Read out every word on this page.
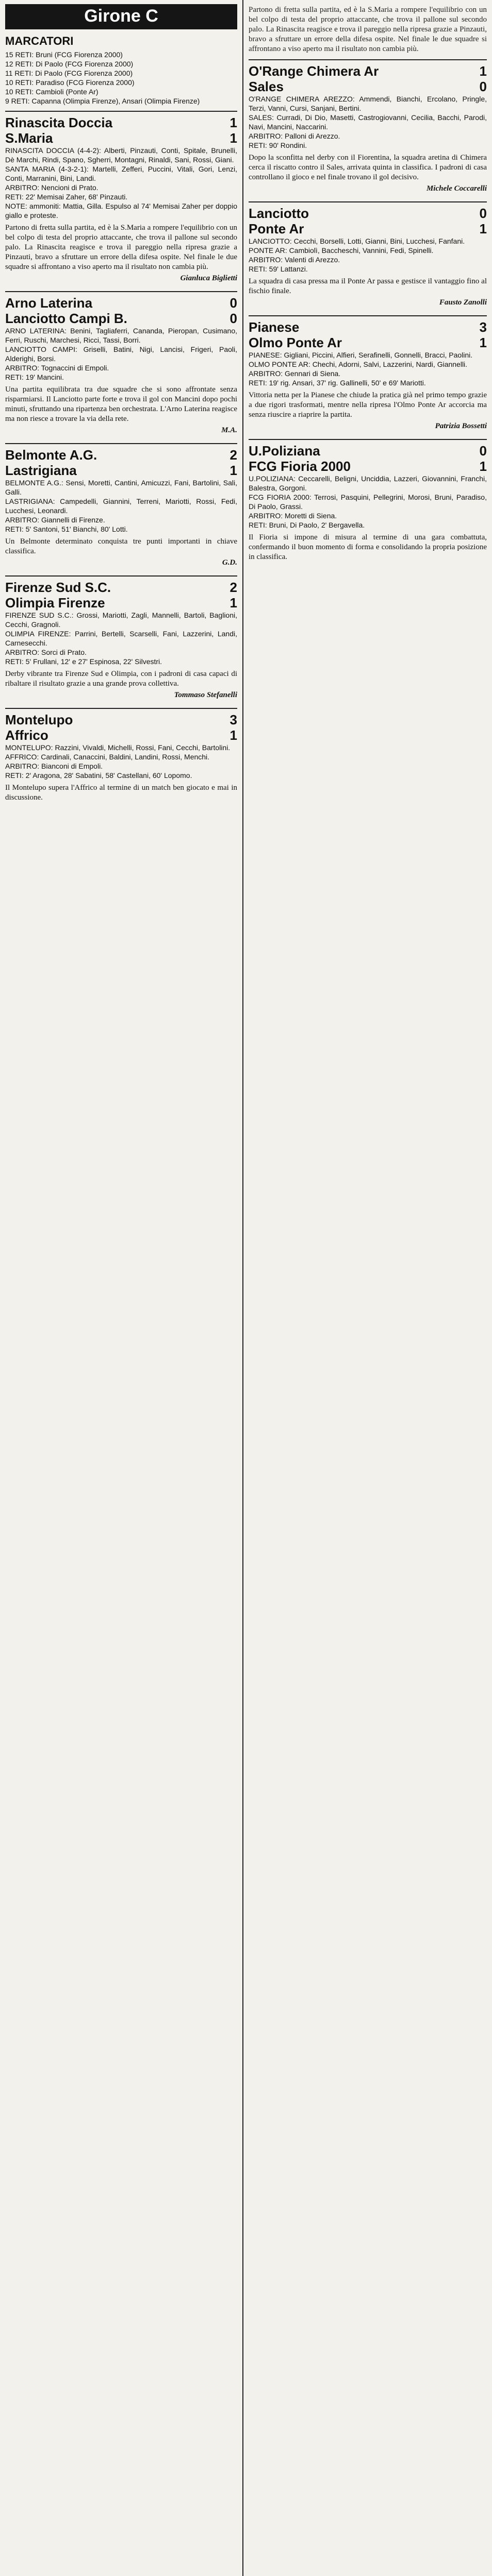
Girone C
MARCATORI
15 RETI: Bruni (FCG Fiorenza 2000)
12 RETI: Di Paolo (FCG Fiorenza 2000)
11 RETI: Di Paolo (FCG Fiorenza 2000)
10 RETI: Paradiso (FCG Fiorenza 2000)
10 RETI: Cambioli (Ponte Ar)
9 RETI: Capanna (Olimpia Firenze), Ansari (Olimpia Firenze)
Rinascita Doccia	1
S.Maria	1
RINASCITA DOCCIA (4-4-2): Alberti, Pinzauti, Conti, Spitale, Brunelli, Dè Marchi, Rindi, Spano, Sgherri, Montagni, Rinaldi, Sani, Rossi, Giani.
SANTA MARIA (4-3-2-1): Martelli, Zefferi, Puccini, Vitali, Gori, Lenzi, Conti, Marranini, Bini, Landi.
ARBITRO: Nencioni di Prato.
RETI: 22' Memisai Zaher, 68' Pinzauti.
NOTE: ammoniti: Mattia, Gilla. Espulso al 74' Memisai Zaher per doppio giallo e proteste.
Partono di fretta sulla partita, ed è la S.Maria a rompere l'equilibrio con un bel colpo di testa del proprio attaccante, che trova il pallone sul secondo palo. La Rinascita reagisce e trova il pareggio nella ripresa grazie a Pinzauti, bravo a sfruttare un errore della difesa ospite. Nel finale le due squadre si affrontano a viso aperto ma il risultato non cambia più.
Gianluca Biglietti
Arno Laterina	0
Lanciotto Campi B.	0
ARNO LATERINA: Benini, Tagliaferri, Cananda, Pieropan, Cusimano, Ferri, Ruschi, Marchesi, Ricci, Tassi, Borri.
LANCIOTTO CAMPI: Griselli, Batini, Nigi, Lancisi, Frigeri, Paoli, Alderighi, Borsi.
ARBITRO: Tognaccini di Empoli.
RETI: 19' Mancini.
Una partita equilibrata tra due squadre che si sono affrontate senza risparmiarsi. Il Lanciotto parte forte e trova il gol con Mancini dopo pochi minuti, sfruttando una ripartenza ben orchestrata. L'Arno Laterina reagisce ma non riesce a trovare la via della rete.
M.A.
Belmonte A.G.	2
Lastrigiana	1
BELMONTE A.G.: Sensi, Moretti, Cantini, Amicuzzi, Fani, Bartolini, Sali, Galli.
LASTRIGIANA: Campedelli, Giannini, Terreni, Mariotti, Rossi, Fedi, Lucchesi, Leonardi.
ARBITRO: Giannelli di Firenze.
RETI: 5' Santoni, 51' Bianchi, 80' Lotti.
Un Belmonte determinato conquista tre punti importanti in chiave classifica.
G.D.
Firenze Sud S.C.	2
Olimpia Firenze	1
FIRENZE SUD S.C.: Grossi, Mariotti, Zagli, Mannelli, Bartoli, Baglioni, Cecchi, Gragnoli.
OLIMPIA FIRENZE: Parrini, Bertelli, Scarselli, Fani, Lazzerini, Landi, Carnesecchi.
ARBITRO: Sorci di Prato.
RETI: 5' Frullani, 12' e 27' Espinosa, 22' Silvestri.
Derby vibrante tra Firenze Sud e Olimpia, con i padroni di casa capaci di ribaltare il risultato grazie a una grande prova collettiva.
Tommaso Stefanelli
Montelupo	3
Affrico	1
MONTELUPO: Razzini, Vivaldi, Michelli, Rossi, Fani, Cecchi, Bartolini.
AFFRICO: Cardinali, Canaccini, Baldini, Landini, Rossi, Menchi.
ARBITRO: Bianconi di Empoli.
RETI: 2' Aragona, 28' Sabatini, 58' Castellani, 60' Lopomo.
Il Montelupo supera l'Affrico al termine di un match ben giocato e mai in discussione.
Partono di fretta sulla partita, ed è la S.Maria a rompere l'equilibrio con un bel colpo di testa del proprio attaccante, che trova il pallone sul secondo palo. La Rinascita reagisce e trova il pareggio nella ripresa grazie a Pinzauti, bravo a sfruttare un errore della difesa ospite. Nel finale le due squadre si affrontano a viso aperto ma il risultato non cambia più.
O'Range Chimera Ar	1
Sales	0
O'RANGE CHIMERA AREZZO: Ammendi, Bianchi, Ercolano, Pringle, Terzi, Vanni, Cursi, Sanjani, Bertini.
SALES: Curradi, Di Dio, Masetti, Castrogiovanni, Cecilia, Bacchi, Parodi, Navi, Mancini, Naccarini.
ARBITRO: Palloni di Arezzo.
RETI: 90' Rondini.
Dopo la sconfitta nel derby con il Fiorentina, la squadra aretina di Chimera cerca il riscatto contro il Sales, arrivata quinta in classifica. I padroni di casa controllano il gioco e nel finale trovano il gol decisivo.
Michele Coccarelli
Lanciotto	0
Ponte Ar	1
LANCIOTTO: Cecchi, Borselli, Lotti, Gianni, Bini, Lucchesi, Fanfani.
PONTE AR: Cambiolì, Baccheschi, Vannini, Fedi, Spinelli.
ARBITRO: Valenti di Arezzo.
RETI: 59' Lattanzi.
La squadra di casa pressa ma il Ponte Ar passa e gestisce il vantaggio fino al fischio finale.
Fausto Zanolli
Pianese	3
Olmo Ponte Ar	1
PIANESE: Gigliani, Piccini, Alfieri, Serafinelli, Gonnelli, Bracci, Paolini.
OLMO PONTE AR: Chechi, Adorni, Salvi, Lazzerini, Nardi, Giannelli.
ARBITRO: Gennari di Siena.
RETI: 19' rig. Ansari, 37' rig. Gallinelli, 50' e 69' Mariotti.
Vittoria netta per la Pianese che chiude la pratica già nel primo tempo grazie a due rigori trasformati, mentre nella ripresa l'Olmo Ponte Ar accorcia ma senza riuscire a riaprire la partita.
Patrizia Bossetti
U.Poliziana	0
FCG Fioria 2000	1
U.POLIZIANA: Ceccarelli, Beligni, Unciddia, Lazzeri, Giovannini, Franchi, Balestra, Gorgoni.
FCG FIORIA 2000: Terrosi, Pasquini, Pellegrini, Morosi, Bruni, Paradiso, Di Paolo, Grassi.
ARBITRO: Moretti di Siena.
RETI: Bruni, Di Paolo, 2' Bergavella.
Il Fioria si impone di misura al termine di una gara combattuta, confermando il buon momento di forma e consolidando la propria posizione in classifica.
